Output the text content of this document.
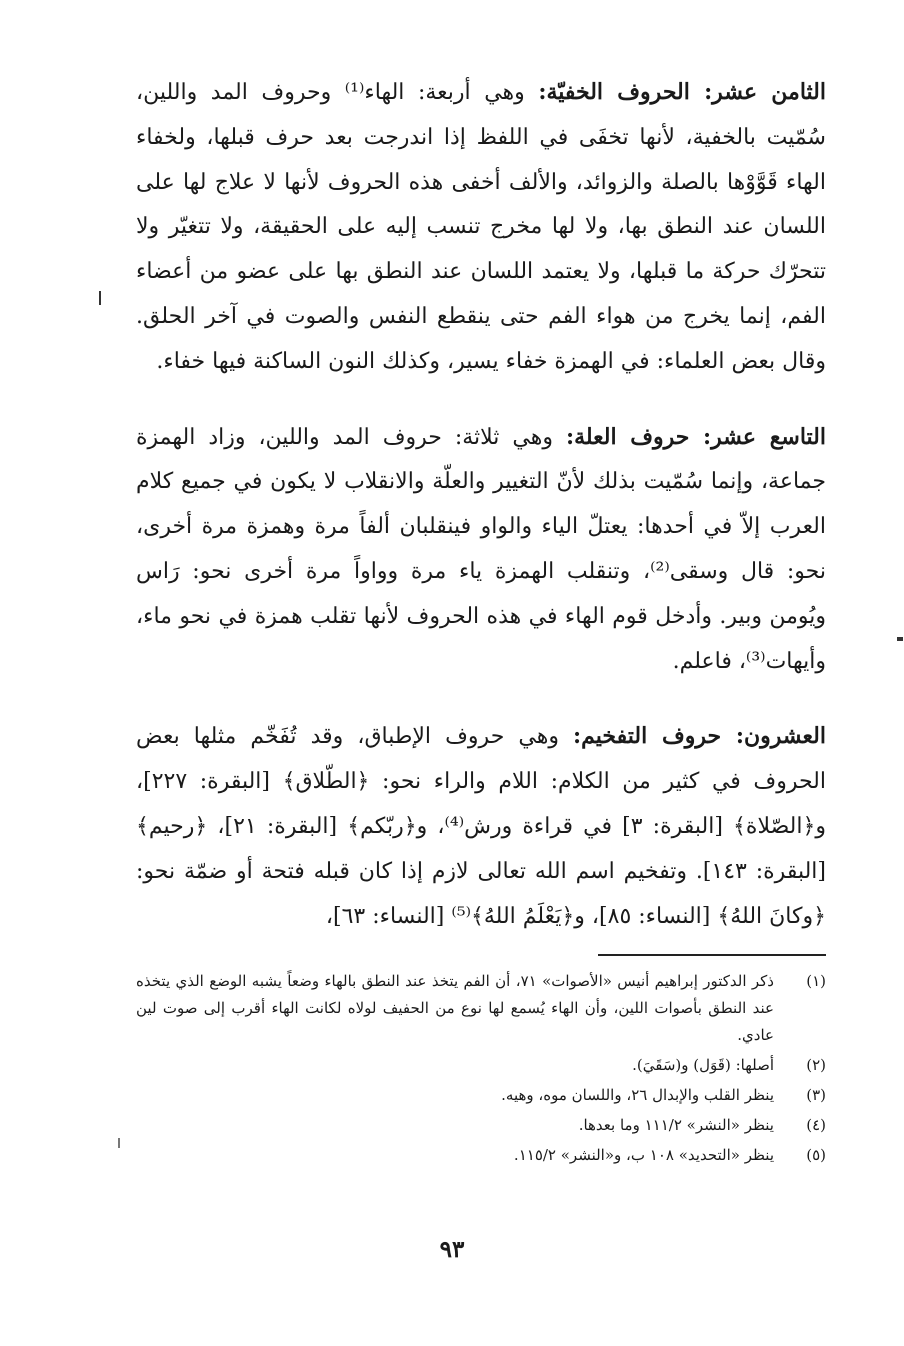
الثامن عشر: الحروف الخفيّة: وهي أربعة: الهاء⁽¹⁾ وحروف المد واللين، سُمّيت بالخفية، لأنها تخفَى في اللفظ إذا اندرجت بعد حرف قبلها، ولخفاء الهاء قَوَّوْها بالصلة والزوائد، والألف أخفى هذه الحروف لأنها لا علاج لها على اللسان عند النطق بها، ولا لها مخرج تنسب إليه على الحقيقة، ولا تتغيّر ولا تتحرّك حركة ما قبلها، ولا يعتمد اللسان عند النطق بها على عضو من أعضاء الفم، إنما يخرج من هواء الفم حتى ينقطع النفس والصوت في آخر الحلق. وقال بعض العلماء: في الهمزة خفاء يسير، وكذلك النون الساكنة فيها خفاء.

التاسع عشر: حروف العلة: وهي ثلاثة: حروف المد واللين، وزاد الهمزة جماعة، وإنما سُمّيت بذلك لأنّ التغيير والعلّة والانقلاب لا يكون في جميع كلام العرب إلاّ في أحدها: يعتلّ الياء والواو فينقلبان ألفاً مرة وهمزة مرة أخرى، نحو: قال وسقى⁽²⁾، وتنقلب الهمزة ياء مرة وواواً مرة أخرى نحو: رَاس ويُومن وبير. وأدخل قوم الهاء في هذه الحروف لأنها تقلب همزة في نحو ماء، وأيهات⁽³⁾، فاعلم.

العشرون: حروف التفخيم: وهي حروف الإطباق، وقد تُفَخّم مثلها بعض الحروف في كثير من الكلام: اللام والراء نحو: ﴿الطّلاق﴾ [البقرة: ٢٢٧]، و﴿الصّلاة﴾ [البقرة: ٣] في قراءة ورش⁽⁴⁾، و﴿ربّكم﴾ [البقرة: ٢١]، ﴿رحيم﴾ [البقرة: ١٤٣]. وتفخيم اسم الله تعالى لازم إذا كان قبله فتحة أو ضمّة نحو: ﴿وكانَ اللهُ﴾ [النساء: ٨٥]، و﴿يَعْلَمُ اللهُ﴾⁽⁵⁾ [النساء: ٦٣]،

(١)
ذكر الدكتور إبراهيم أنيس «الأصوات» ٧١، أن الفم يتخذ عند النطق بالهاء وضعاً يشبه الوضع الذي يتخذه عند النطق بأصوات اللين، وأن الهاء يُسمع لها نوع من الحفيف لولاه لكانت الهاء أقرب إلى صوت لين عادي.
(٢)
أصلها: (قَوَل) و(سَقَيَ).
(٣)
ينظر القلب والإبدال ٢٦، واللسان موه، وهيه.
(٤)
ينظر «النشر» ١١١/٢ وما بعدها.
(٥)
ينظر «التحديد» ١٠٨ ب، و«النشر» ١١٥/٢.
٩٣
